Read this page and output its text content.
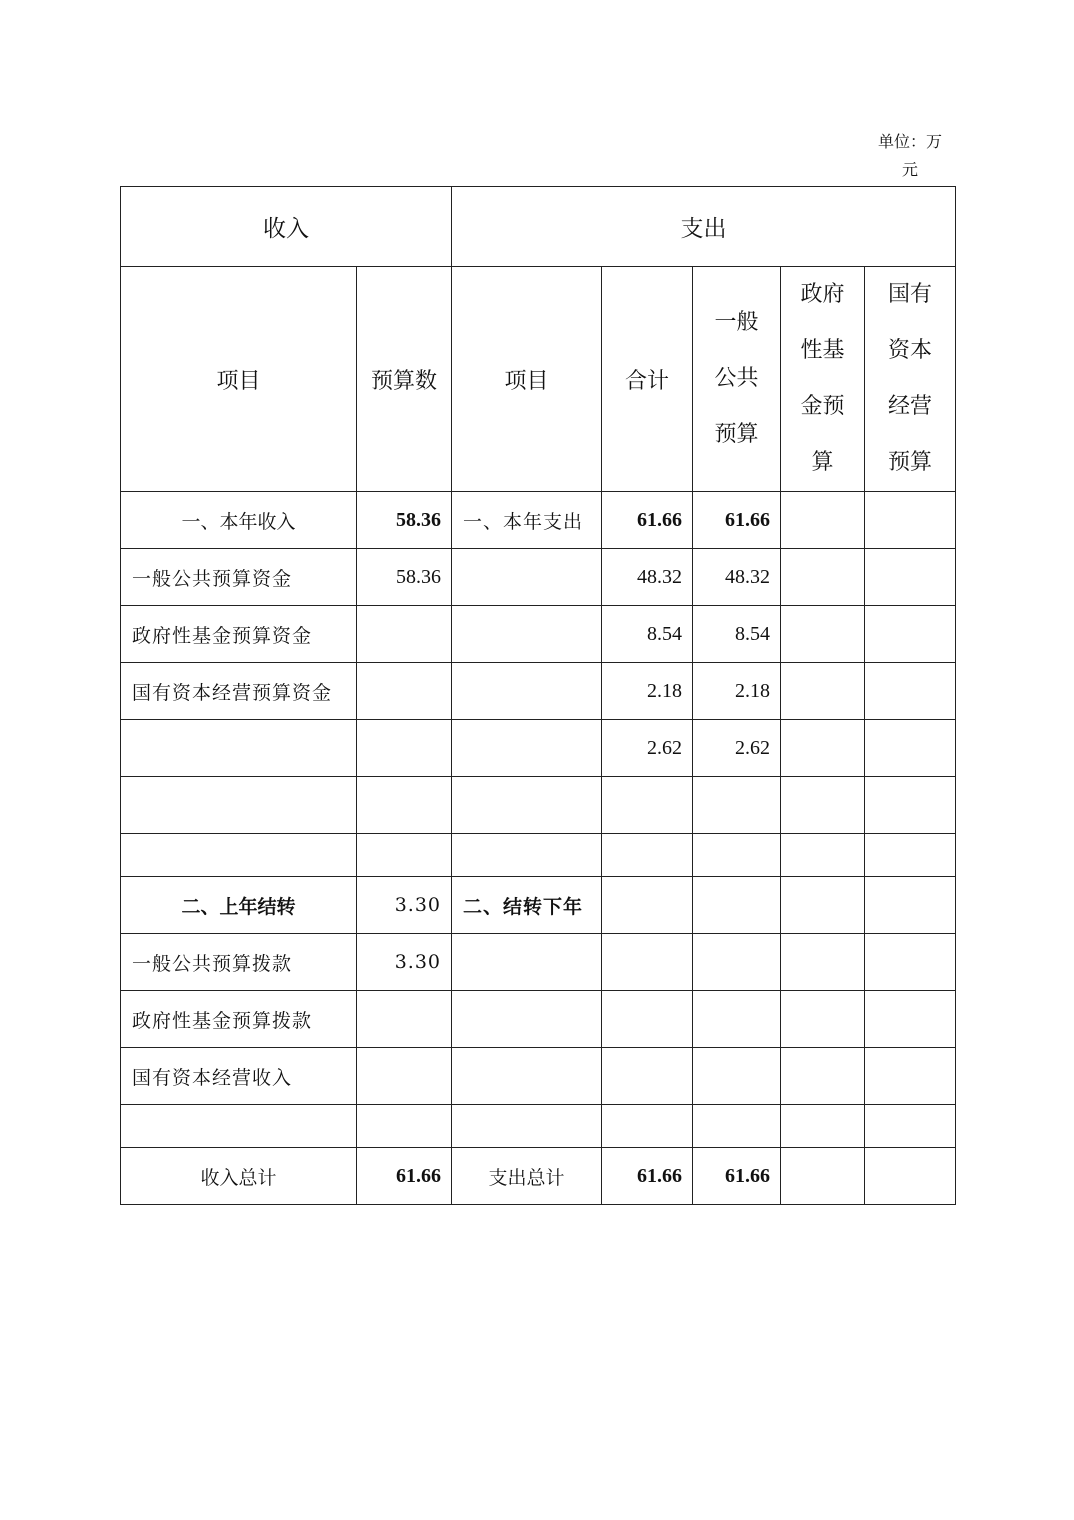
单位：万元
收入		支出				
项目	预算数	项目	合计	一般公共预算	政府性基金预算	国有资本经营预算

一、本年收入	58.36	一、本年支出	61.66	61.66		
一般公共预算资金	58.36		48.32	48.32		
政府性基金预算资金			8.54	8.54		
国有资本经营预算资金			2.18	2.18		
			2.62	2.62		

二、上年结转	3.30	二、结转下年				
一般公共预算拨款	3.30					
政府性基金预算拨款						
国有资本经营收入						

收入总计	61.66	支出总计	61.66	61.66		
